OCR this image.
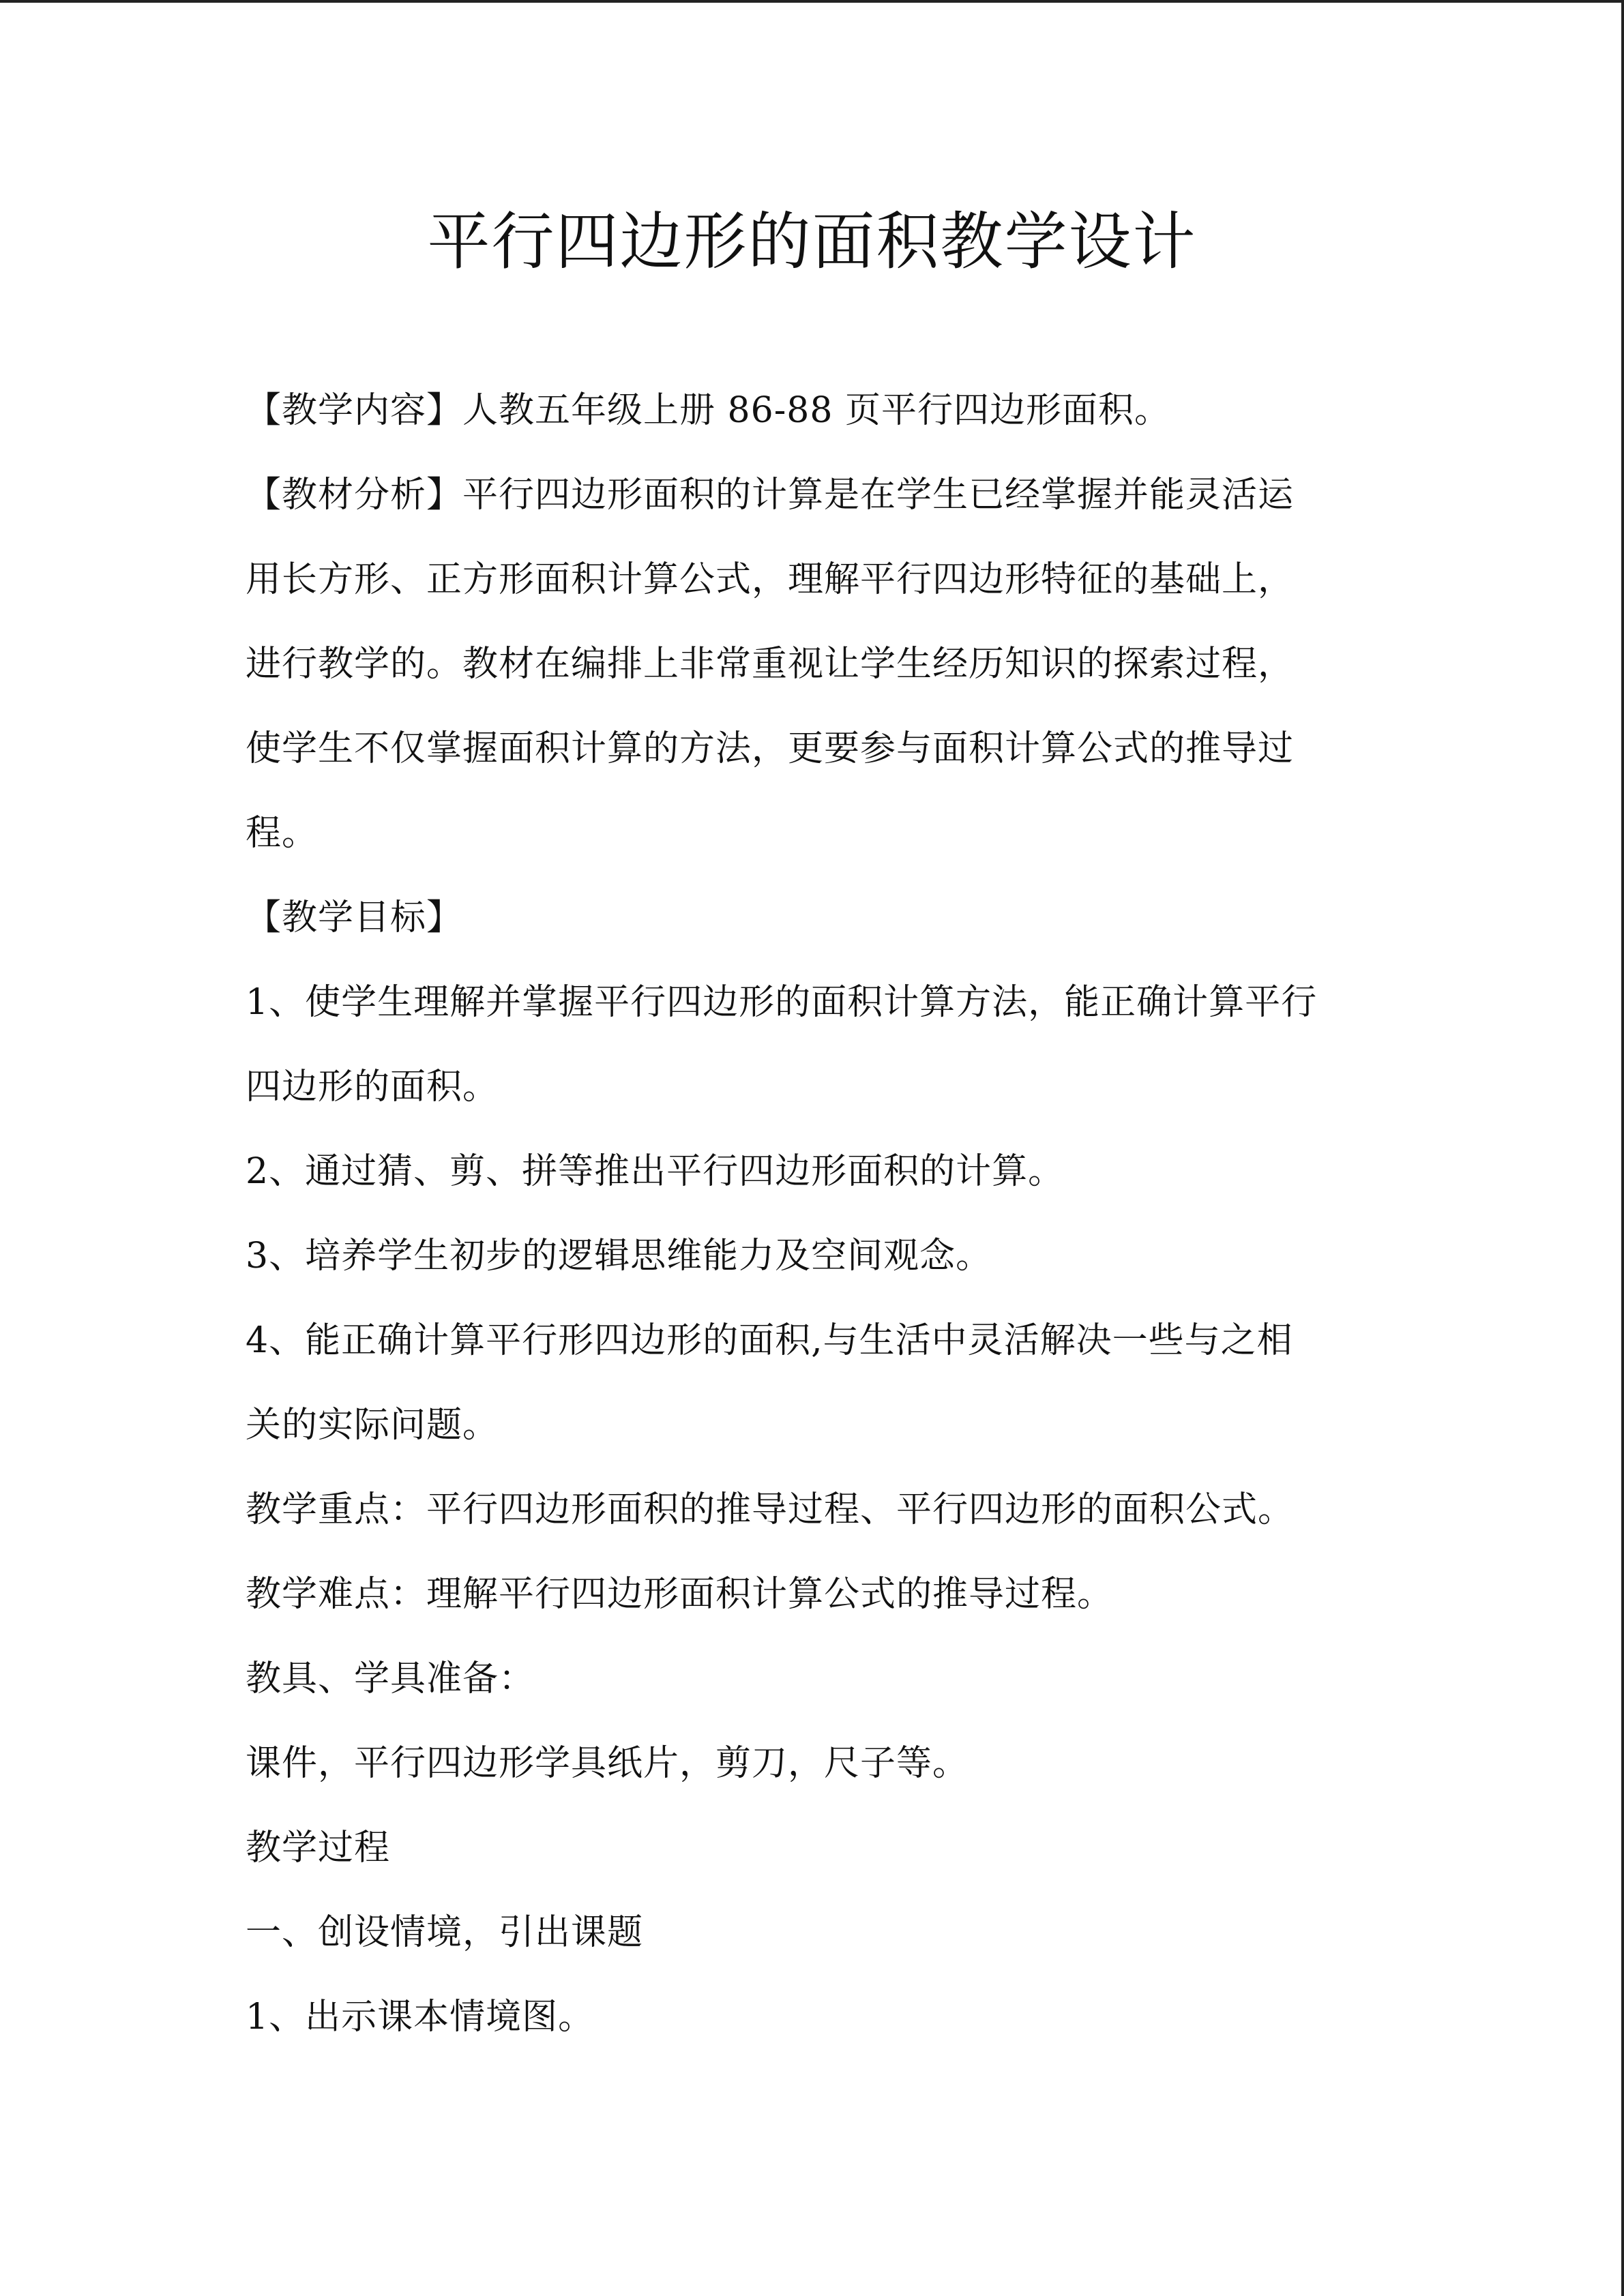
平行四边形的面积教学设计
【教学内容】人教五年级上册 86-88 页平行四边形面积。
【教材分析】平行四边形面积的计算是在学生已经掌握并能灵活运
用长方形、正方形面积计算公式，理解平行四边形特征的基础上，
进行教学的。教材在编排上非常重视让学生经历知识的探索过程，
使学生不仅掌握面积计算的方法，更要参与面积计算公式的推导过
程。
【教学目标】
1、使学生理解并掌握平行四边形的面积计算方法，能正确计算平行
四边形的面积。
2、通过猜、剪、拼等推出平行四边形面积的计算。
3、培养学生初步的逻辑思维能力及空间观念。
4、能正确计算平行形四边形的面积,与生活中灵活解决一些与之相
关的实际问题。
教学重点：平行四边形面积的推导过程、平行四边形的面积公式。
教学难点：理解平行四边形面积计算公式的推导过程。
教具、学具准备：
课件，平行四边形学具纸片，剪刀，尺子等。
教学过程
一、创设情境，引出课题
1、出示课本情境图。
